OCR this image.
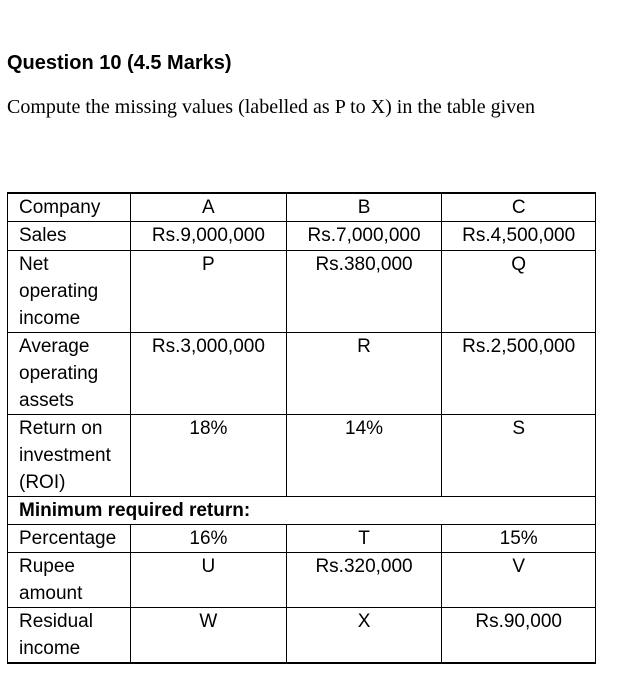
Question 10 (4.5 Marks)

Compute the missing values (labelled as P to X) in the table given

Company	A	B	C
Sales	Rs.9,000,000	Rs.7,000,000	Rs.4,500,000
Net operating income	P	Rs.380,000	Q
Average operating assets	Rs.3,000,000	R	Rs.2,500,000
Return on investment (ROI)	18%	14%	S
Minimum required return:			
Percentage	16%	T	15%
Rupee amount	U	Rs.320,000	V
Residual income	W	X	Rs.90,000
